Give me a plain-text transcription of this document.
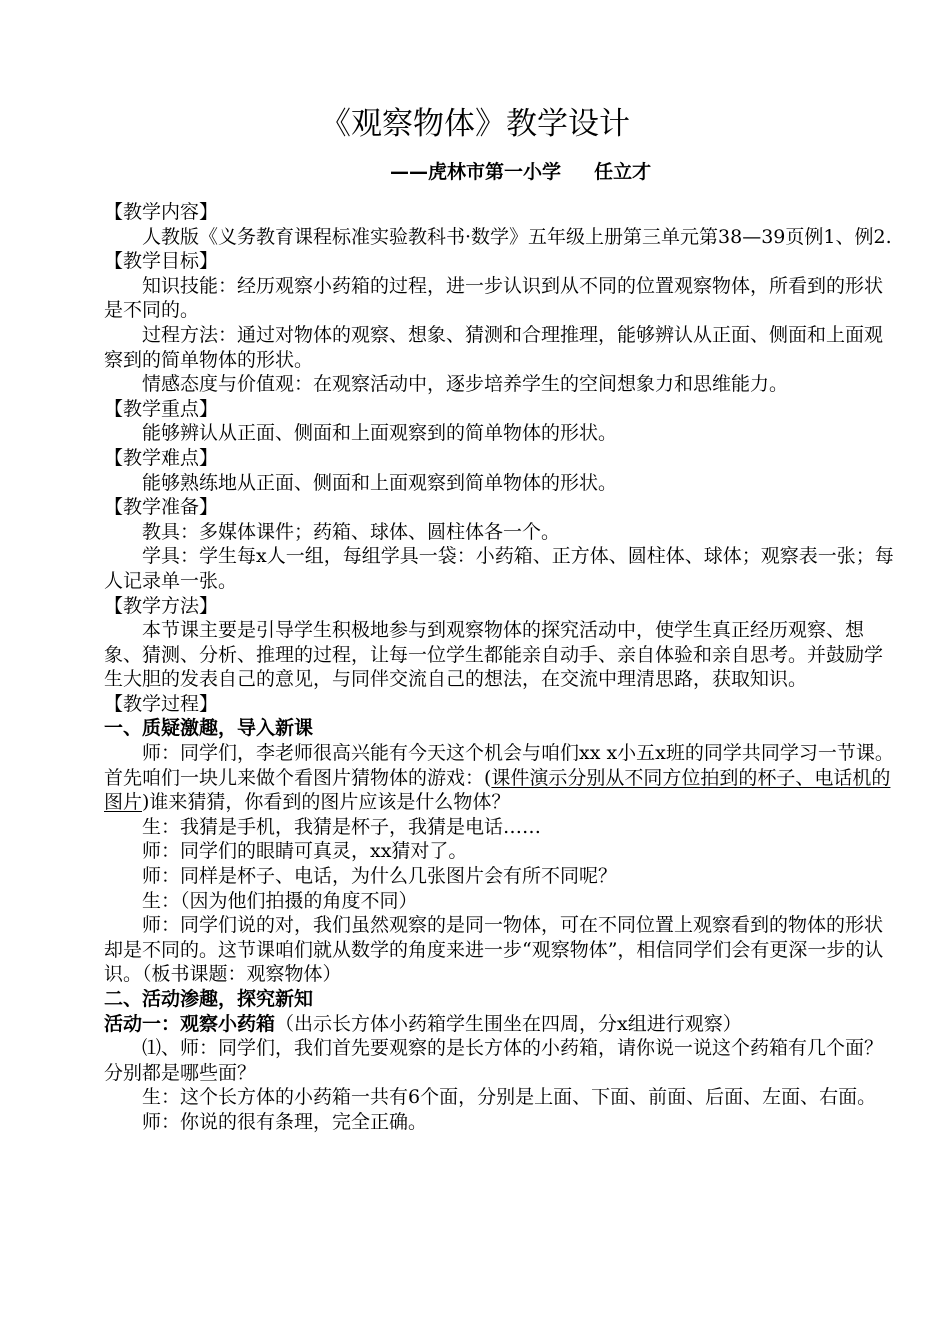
《观察物体》教学设计
——虎林市第一小学     任立才

【教学内容】

人教版《义务教育课程标准实验教科书·数学》五年级上册第三单元第38—39页例1、例2.

【教学目标】

知识技能：经历观察小药箱的过程，进一步认识到从不同的位置观察物体，所看到的形状是不同的。

过程方法：通过对物体的观察、想象、猜测和合理推理，能够辨认从正面、侧面和上面观察到的简单物体的形状。

情感态度与价值观：在观察活动中，逐步培养学生的空间想象力和思维能力。

【教学重点】

能够辨认从正面、侧面和上面观察到的简单物体的形状。

【教学难点】

能够熟练地从正面、侧面和上面观察到简单物体的形状。

【教学准备】

教具：多媒体课件；药箱、球体、圆柱体各一个。

学具：学生每x人一组，每组学具一袋：小药箱、正方体、圆柱体、球体；观察表一张；每人记录单一张。

【教学方法】

本节课主要是引导学生积极地参与到观察物体的探究活动中，使学生真正经历观察、想象、猜测、分析、推理的过程，让每一位学生都能亲自动手、亲自体验和亲自思考。并鼓励学生大胆的发表自己的意见，与同伴交流自己的想法，在交流中理清思路，获取知识。

【教学过程】

一、质疑激趣，导入新课

师：同学们，李老师很高兴能有今天这个机会与咱们xx x小五x班的同学共同学习一节课。首先咱们一块儿来做个看图片猜物体的游戏：(课件演示分别从不同方位拍到的杯子、电话机的图片)谁来猜猜，你看到的图片应该是什么物体？

生：我猜是手机，我猜是杯子，我猜是电话……

师：同学们的眼睛可真灵，xx猜对了。

师：同样是杯子、电话，为什么几张图片会有所不同呢？

生：（因为他们拍摄的角度不同）

师：同学们说的对，我们虽然观察的是同一物体，可在不同位置上观察看到的物体的形状却是不同的。这节课咱们就从数学的角度来进一步“观察物体”，相信同学们会有更深一步的认识。（板书课题：观察物体）

二、活动渗趣，探究新知

活动一：观察小药箱（出示长方体小药箱学生围坐在四周，分x组进行观察）

⑴、师：同学们，我们首先要观察的是长方体的小药箱，请你说一说这个药箱有几个面？分别都是哪些面？

生：这个长方体的小药箱一共有6个面，分别是上面、下面、前面、后面、左面、右面。

师：你说的很有条理，完全正确。
